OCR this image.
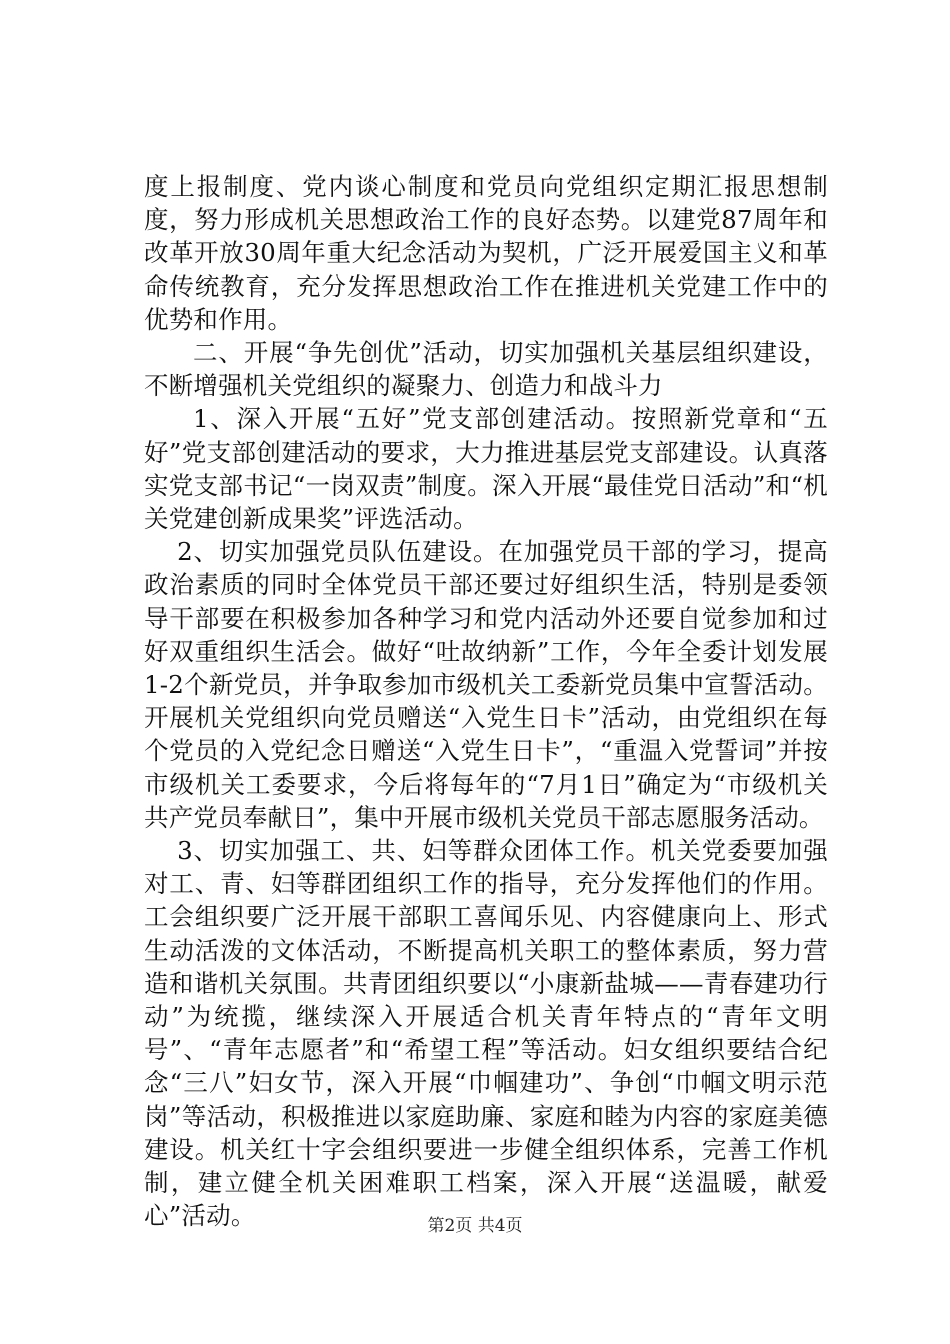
度上报制度、党内谈心制度和党员向党组织定期汇报思想制度，努力形成机关思想政治工作的良好态势。以建党87周年和改革开放30周年重大纪念活动为契机，广泛开展爱国主义和革命传统教育，充分发挥思想政治工作在推进机关党建工作中的优势和作用。

二、开展“争先创优”活动，切实加强机关基层组织建设，不断增强机关党组织的凝聚力、创造力和战斗力

1、深入开展“五好”党支部创建活动。按照新党章和“五好”党支部创建活动的要求，大力推进基层党支部建设。认真落实党支部书记“一岗双责”制度。深入开展“最佳党日活动”和“机关党建创新成果奖”评选活动。

2、切实加强党员队伍建设。在加强党员干部的学习，提高政治素质的同时全体党员干部还要过好组织生活，特别是委领导干部要在积极参加各种学习和党内活动外还要自觉参加和过好双重组织生活会。做好“吐故纳新”工作，今年全委计划发展1-2个新党员，并争取参加市级机关工委新党员集中宣誓活动。开展机关党组织向党员赠送“入党生日卡”活动，由党组织在每个党员的入党纪念日赠送“入党生日卡”，“重温入党誓词”并按市级机关工委要求，今后将每年的“7月1日”确定为“市级机关共产党员奉献日”，集中开展市级机关党员干部志愿服务活动。

3、切实加强工、共、妇等群众团体工作。机关党委要加强对工、青、妇等群团组织工作的指导，充分发挥他们的作用。工会组织要广泛开展干部职工喜闻乐见、内容健康向上、形式生动活泼的文体活动，不断提高机关职工的整体素质，努力营造和谐机关氛围。共青团组织要以“小康新盐城——青春建功行动”为统揽，继续深入开展适合机关青年特点的“青年文明号”、“青年志愿者”和“希望工程”等活动。妇女组织要结合纪念“三八”妇女节，深入开展“巾帼建功”、争创“巾帼文明示范岗”等活动，积极推进以家庭助廉、家庭和睦为内容的家庭美德建设。机关红十字会组织要进一步健全组织体系，完善工作机制，建立健全机关困难职工档案，深入开展“送温暖，献爱心”活动。	第2页 共4页
